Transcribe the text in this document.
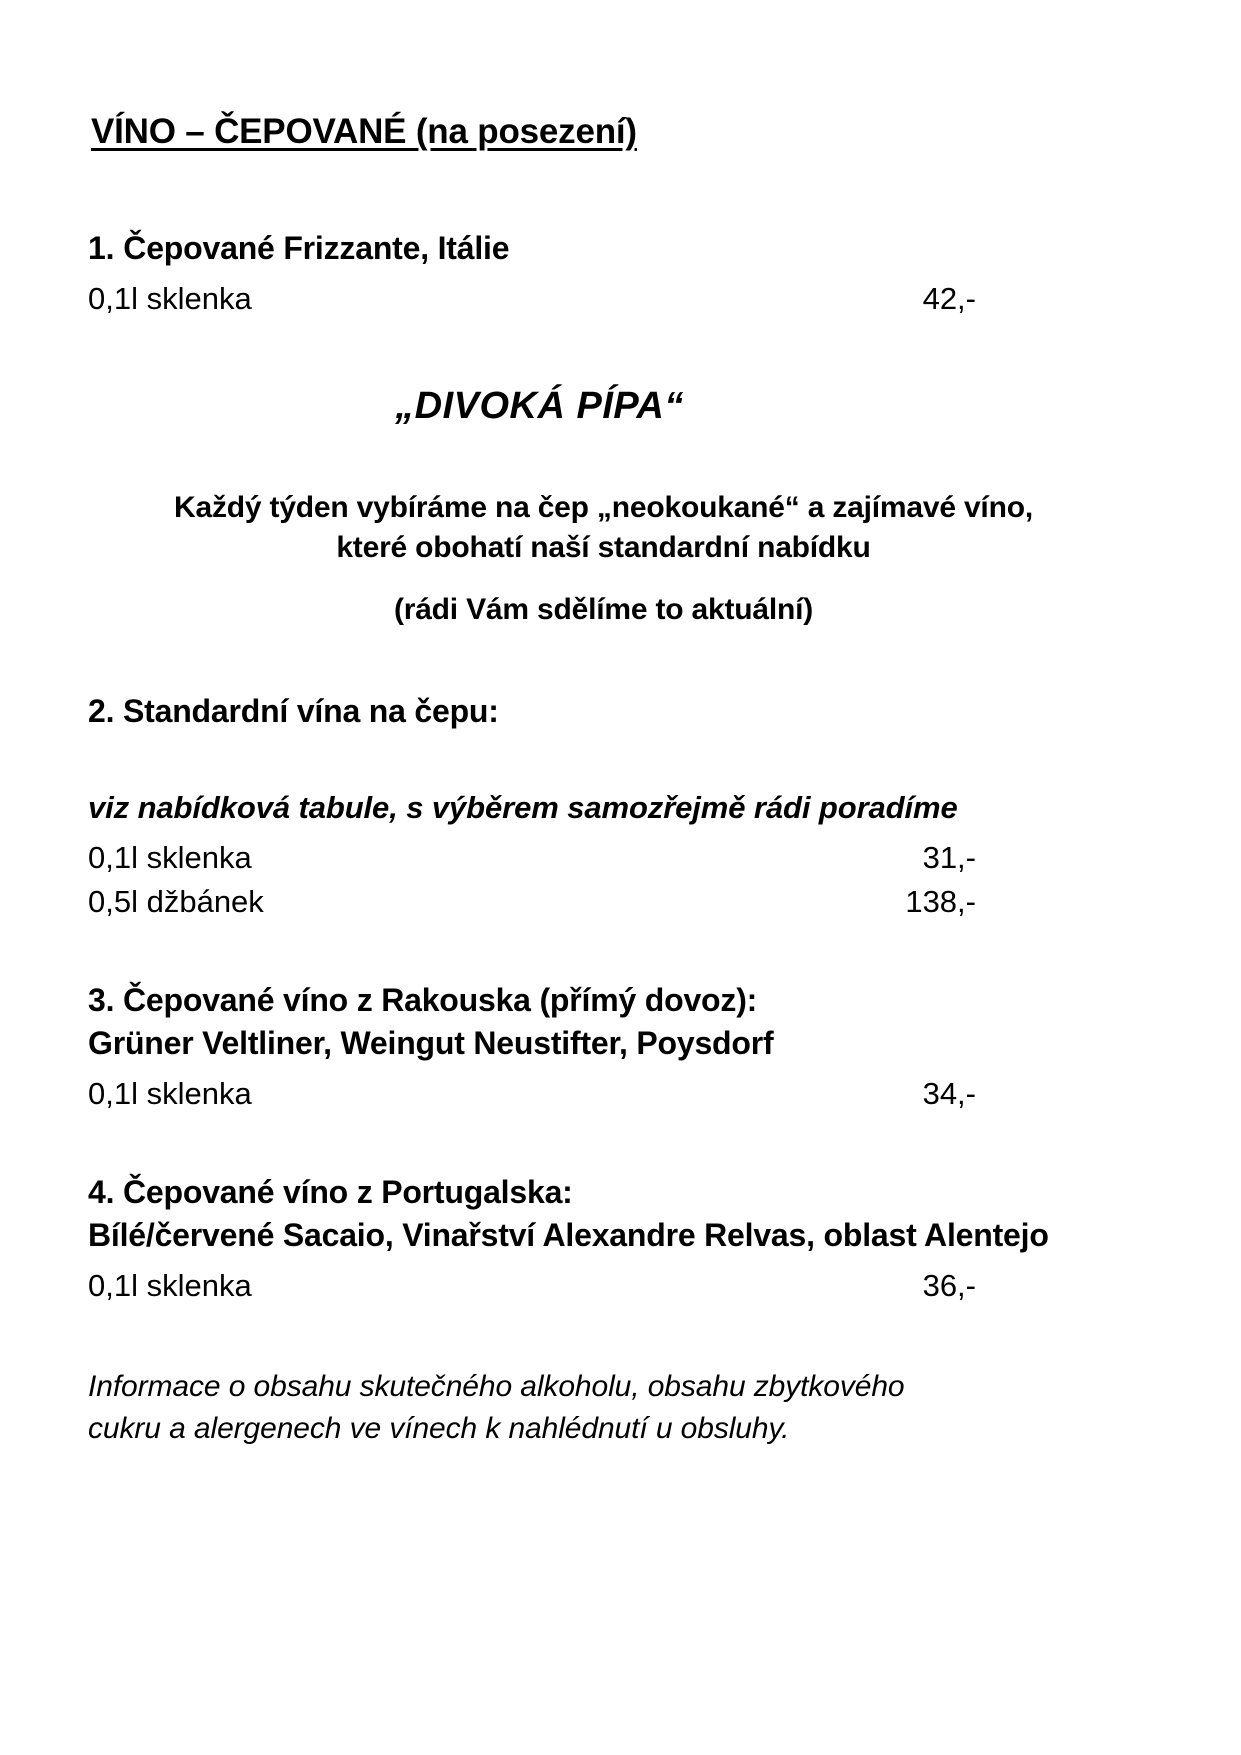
VÍNO – ČEPOVANÉ (na posezení)
1. Čepované Frizzante, Itálie
0,1l sklenka	42,-
„DIVOKÁ PÍPA“
Každý týden vybíráme na čep „neokoukané“ a zajímavé víno,
které obohatí naší standardní nabídku
(rádi Vám sdělíme to aktuální)
2. Standardní vína na čepu:
viz nabídková tabule, s výběrem samozřejmě rádi poradíme
0,1l sklenka	31,-
0,5l džbánek	138,-
3. Čepované víno z Rakouska (přímý dovoz):
Grüner Veltliner, Weingut Neustifter, Poysdorf
0,1l sklenka	34,-
4. Čepované víno z Portugalska:
Bílé/červené Sacaio, Vinařství Alexandre Relvas, oblast Alentejo
0,1l sklenka	36,-
Informace o obsahu skutečného alkoholu, obsahu zbytkového
cukru a alergenech ve vínech k nahlédnutí u obsluhy.
